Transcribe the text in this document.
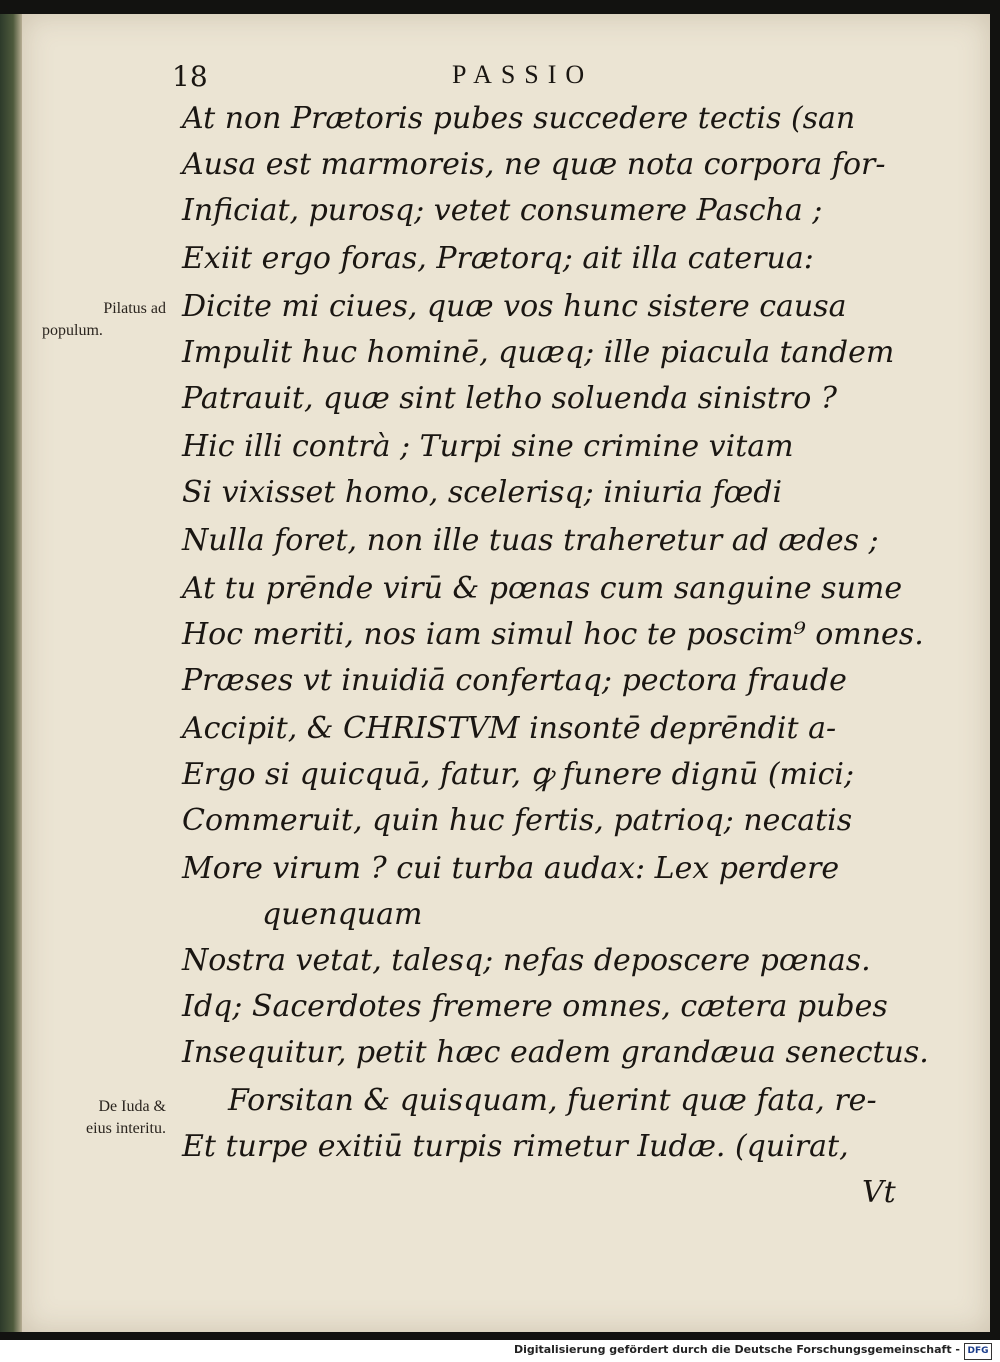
18	PASSIO
At non Prætoris pubes succedere tectis (san
Ausa est marmoreis, ne quæ nota corpora for-
Inficiat, purosq; vetet consumere Pascha ;
Exiit ergo foras, Prætorq; ait illa caterua:
Dicite mi ciues, quæ vos hunc sistere causa
Impulit huc hominē, quæq; ille piacula tandem
Patrauit, quæ sint letho soluenda sinistro ?
Hic illi contrà ; Turpi sine crimine vitam
Si vixisset homo, scelerisq; iniuria fœdi
Nulla foret, non ille tuas traheretur ad ædes ;
At tu prēnde virū & pœnas cum sanguine sume
Hoc meriti, nos iam simul hoc te poscim⁹ omnes.
Præses vt inuidiā confertaq; pectora fraude
Accipit, & CHRISTVM insontē deprēndit a-
Ergo si quicquā, fatur, ꝙ funere dignū (mici;
Commeruit, quin huc fertis, patrioq; necatis
More virum ? cui turba audax: Lex perdere
quenquam
Nostra vetat, talesq; nefas deposcere pœnas.
Idq; Sacerdotes fremere omnes, cætera pubes
Insequitur, petit hæc eadem grandæua senectus.
Forsitan & quisquam, fuerint quæ fata, re-
Et turpe exitiū turpis rimetur Iudæ. (quirat,
Vt
Pilatus ad
populum.
De Iuda &
eius interitu.
Digitalisierung gefördert durch die Deutsche Forschungsgemeinschaft - DFG
